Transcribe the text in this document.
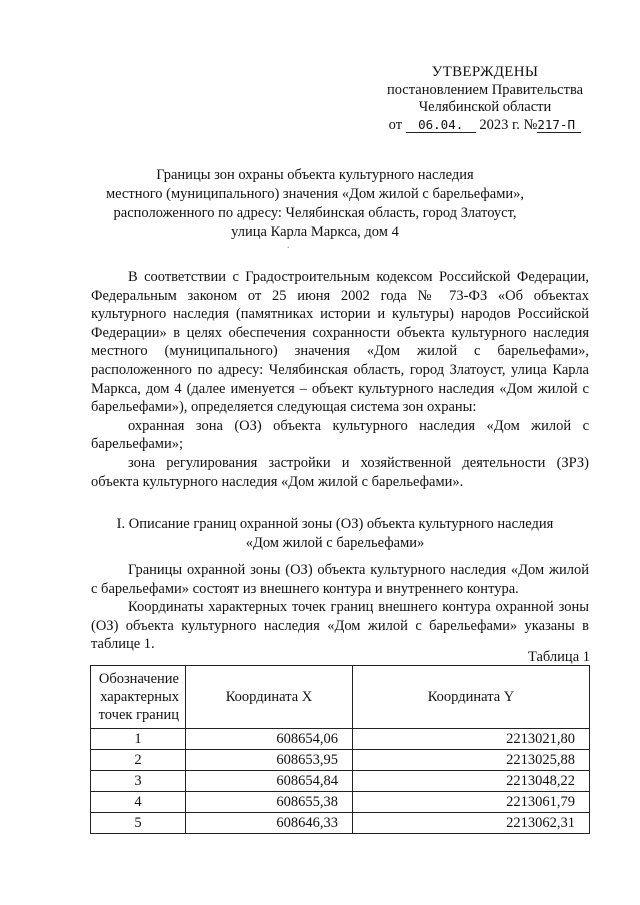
УТВЕРЖДЕНЫ
постановлением Правительства
Челябинской области
от 06.04. 2023 г. №217-П
Границы зон охраны объекта культурного наследия
местного (муниципального) значения «Дом жилой с барельефами»,
расположенного по адресу: Челябинская область, город Златоуст,
улица Карла Маркса, дом 4
.

В соответствии с Градостроительным кодексом Российской Федерации, Федеральным законом от 25 июня 2002 года № 73-ФЗ «Об объектах культурного наследия (памятниках истории и культуры) народов Российской Федерации» в целях обеспечения сохранности объекта культурного наследия местного (муниципального) значения «Дом жилой с барельефами», расположенного по адресу: Челябинская область, город Златоуст, улица Карла Маркса, дом 4 (далее именуется – объект культурного наследия «Дом жилой с барельефами»), определяется следующая система зон охраны:

охранная зона (ОЗ) объекта культурного наследия «Дом жилой с барельефами»;

зона регулирования застройки и хозяйственной деятельности (ЗРЗ) объекта культурного наследия «Дом жилой с барельефами».

I. Описание границ охранной зоны (ОЗ) объекта культурного наследия
«Дом жилой с барельефами»

Границы охранной зоны (ОЗ) объекта культурного наследия «Дом жилой с барельефами» состоят из внешнего контура и внутреннего контура.

Координаты характерных точек границ внешнего контура охранной зоны (ОЗ) объекта культурного наследия «Дом жилой с барельефами» указаны в таблице 1.

Таблица 1
Обозначение характерных точек границ	Координата X	Координата Y
1	608654,06	2213021,80
2	608653,95	2213025,88
3	608654,84	2213048,22
4	608655,38	2213061,79
5	608646,33	2213062,31
